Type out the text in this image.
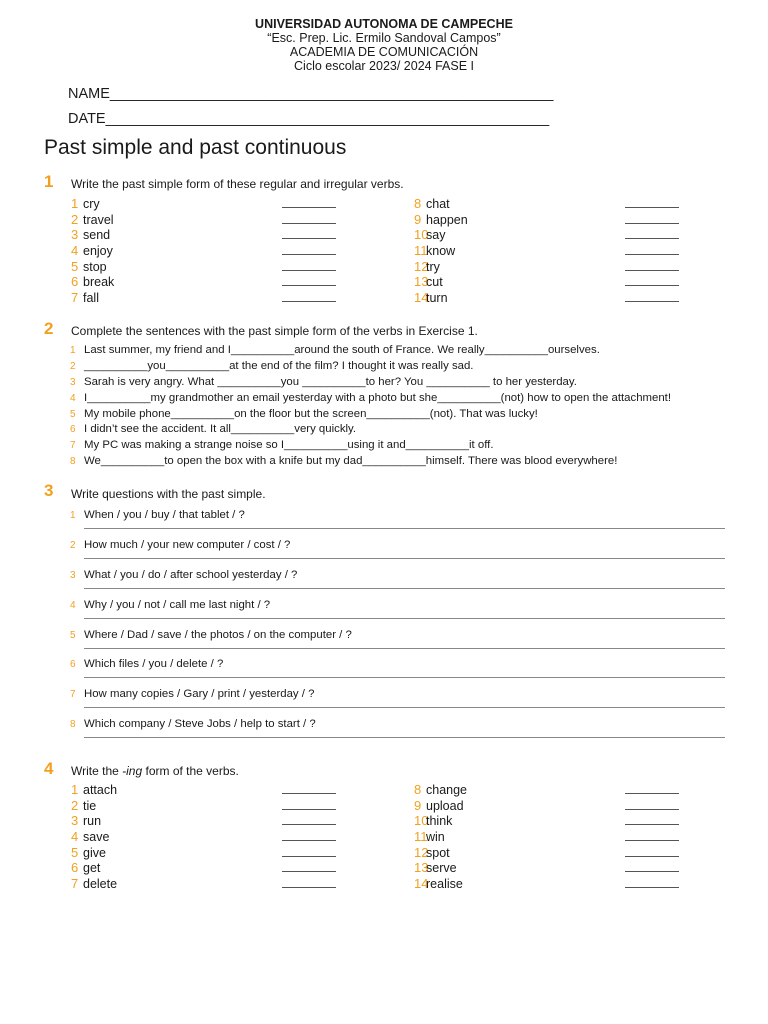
UNIVERSIDAD AUTONOMA DE CAMPECHE
“Esc. Prep. Lic. Ermilo Sandoval Campos”
ACADEMIA DE COMUNICACIÓN
Ciclo escolar 2023/ 2024 FASE I
NAME_______________________________________________________
DATE_______________________________________________________
Past simple and past continuous
1 Write the past simple form of these regular and irregular verbs.
1 cry
2 travel
3 send
4 enjoy
5 stop
6 break
7 fall
8 chat
9 happen
10say
11know
12try
13cut
14turn
2 Complete the sentences with the past simple form of the verbs in Exercise 1.
1 Last summer, my friend and I__________around the south of France. We really__________ourselves.
2 __________you__________at the end of the film? I thought it was really sad.
3 Sarah is very angry. What __________you __________to her? You __________ to her yesterday.
4 I__________my grandmother an email yesterday with a photo but she__________(not) how to open the attachment!
5 My mobile phone__________on the floor but the screen__________(not). That was lucky!
6 I didn’t see the accident. It all__________very quickly.
7 My PC was making a strange noise so I__________using it and__________it off.
8 We__________to open the box with a knife but my dad__________himself. There was blood everywhere!
3 Write questions with the past simple.
1 When / you / buy / that tablet / ?
2 How much / your new computer / cost / ?
3 What / you / do / after school yesterday / ?
4 Why / you / not / call me last night / ?
5 Where / Dad / save / the photos / on the computer / ?
6 Which files / you / delete / ?
7 How many copies / Gary / print / yesterday / ?
8 Which company / Steve Jobs / help to start / ?
4 Write the -ing form of the verbs.
1 attach
2 tie
3 run
4 save
5 give
6 get
7 delete
8 change
9 upload
10think
11win
12spot
13serve
14realise
